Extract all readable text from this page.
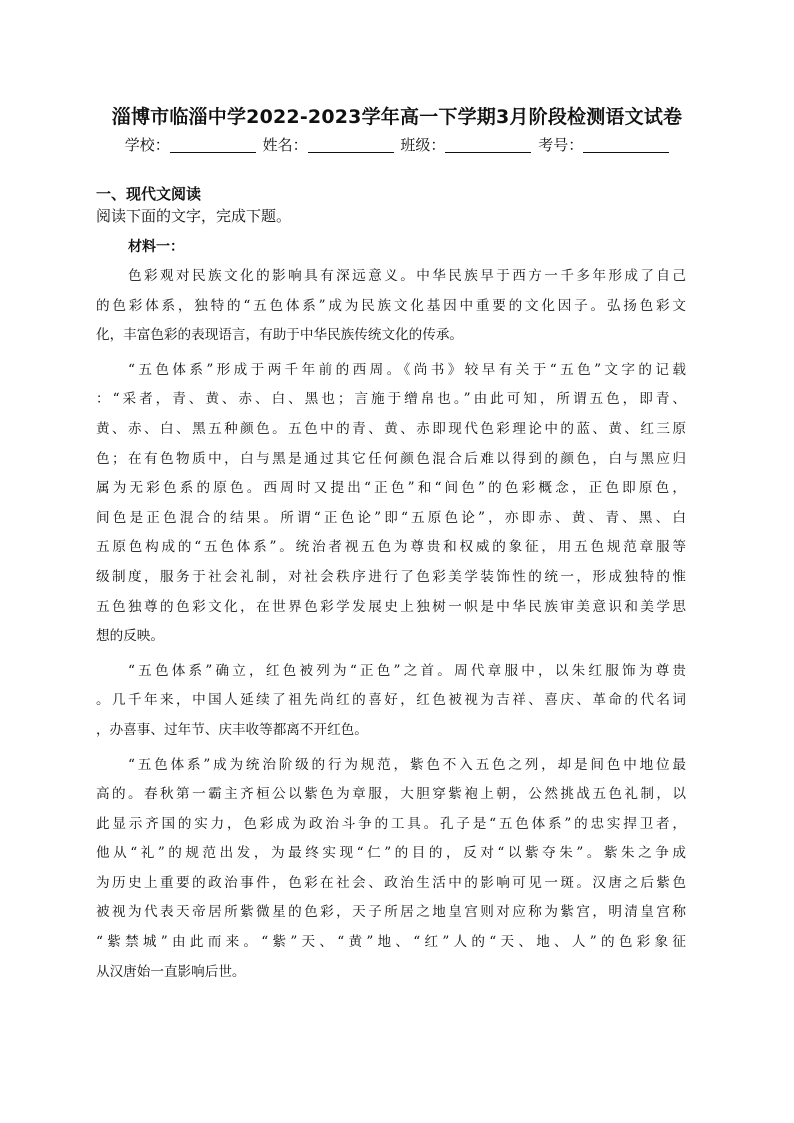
淄博市临淄中学2022-2023学年高一下学期3月阶段检测语文试卷
学校：	姓名：	班级：	考号：
一、现代文阅读
阅读下面的文字，完成下题。
材料一：
色彩观对民族文化的影响具有深远意义。中华民族早于西方一千多年形成了自己
的色彩体系，独特的“五色体系”成为民族文化基因中重要的文化因子。弘扬色彩文
化，丰富色彩的表现语言，有助于中华民族传统文化的传承。
“五色体系”形成于两千年前的西周。《尚书》较早有关于“五色”文字的记载
：“采者，青、黄、赤、白、黑也；言施于缯帛也。”由此可知，所谓五色，即青、
黄、赤、白、黑五种颜色。五色中的青、黄、赤即现代色彩理论中的蓝、黄、红三原
色；在有色物质中，白与黑是通过其它任何颜色混合后难以得到的颜色，白与黑应归
属为无彩色系的原色。西周时又提出“正色”和“间色”的色彩概念，正色即原色，
间色是正色混合的结果。所谓“正色论”即“五原色论”，亦即赤、黄、青、黑、白
五原色构成的“五色体系”。统治者视五色为尊贵和权威的象征，用五色规范章服等
级制度，服务于社会礼制，对社会秩序进行了色彩美学装饰性的统一，形成独特的惟
五色独尊的色彩文化，在世界色彩学发展史上独树一帜是中华民族审美意识和美学思
想的反映。
“五色体系”确立，红色被列为“正色”之首。周代章服中，以朱红服饰为尊贵
。几千年来，中国人延续了祖先尚红的喜好，红色被视为吉祥、喜庆、革命的代名词
，办喜事、过年节、庆丰收等都离不开红色。
“五色体系”成为统治阶级的行为规范，紫色不入五色之列，却是间色中地位最
高的。春秋第一霸主齐桓公以紫色为章服，大胆穿紫袍上朝，公然挑战五色礼制，以
此显示齐国的实力，色彩成为政治斗争的工具。孔子是“五色体系”的忠实捍卫者，
他从“礼”的规范出发，为最终实现“仁”的目的，反对“以紫夺朱”。紫朱之争成
为历史上重要的政治事件，色彩在社会、政治生活中的影响可见一斑。汉唐之后紫色
被视为代表天帝居所紫微星的色彩，天子所居之地皇宫则对应称为紫宫，明清皇宫称
“紫禁城”由此而来。“紫”天、“黄”地、“红”人的“天、地、人”的色彩象征
从汉唐始一直影响后世。
